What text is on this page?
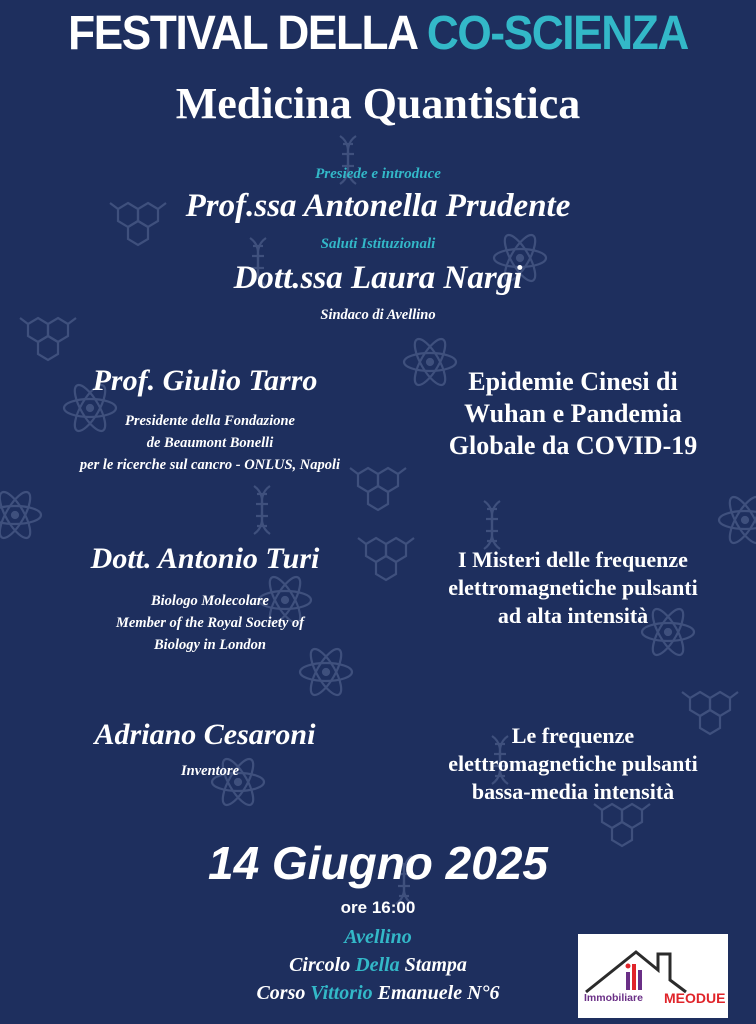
FESTIVAL DELLA CO-SCIENZA
Medicina Quantistica
Presiede e introduce
Prof.ssa Antonella Prudente
Saluti Istituzionali
Dott.ssa Laura Nargi
Sindaco di Avellino
Prof. Giulio Tarro
Presidente della Fondazione
de Beaumont Bonelli
per le ricerche sul cancro - ONLUS, Napoli
Epidemie Cinesi di
Wuhan e Pandemia
Globale da COVID-19
Dott. Antonio Turi
Biologo Molecolare
Member of the Royal Society of
Biology in London
I Misteri delle frequenze
elettromagnetiche pulsanti
ad alta intensità
Adriano Cesaroni
Inventore
Le frequenze
elettromagnetiche pulsanti
bassa-media intensità
14 Giugno 2025
ore 16:00
Avellino
Circolo Della Stampa
Corso Vittorio Emanuele N°6	Immobiliare MEODUE
